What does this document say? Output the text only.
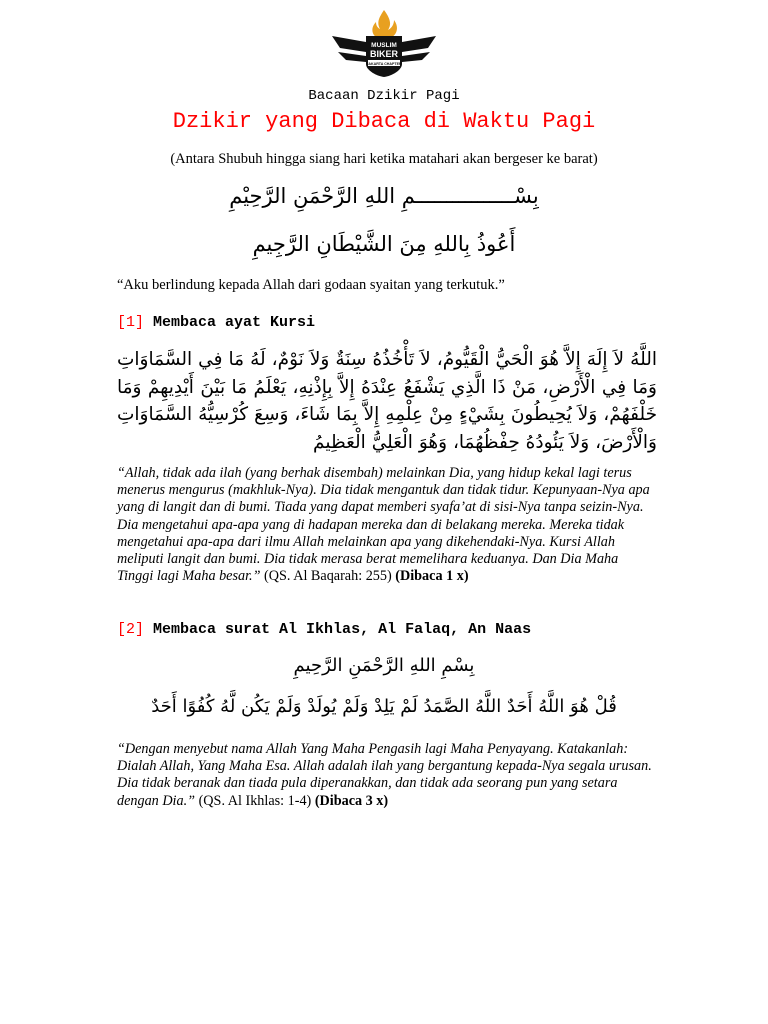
MUSLIM
BIKER
JAKARTA CHAPTER
Bacaan Dzikir Pagi
Dzikir yang Dibaca di Waktu Pagi
(Antara Shubuh hingga siang hari ketika matahari akan bergeser ke barat)
بِسْــــــــــــــــمِ اللهِ الرَّحْمَنِ الرَّحِيْمِ
أَعُوذُ بِاللهِ مِنَ الشَّيْطَانِ الرَّجِيمِ
“Aku berlindung kepada Allah dari godaan syaitan yang terkutuk.”
[1] Membaca ayat Kursi
اللَّهُ لاَ إِلَهَ إِلاَّ هُوَ الْحَيُّ الْقَيُّومُ، لاَ تَأْخُذُهُ سِنَةٌ وَلاَ نَوْمٌ، لَهُ مَا فِي السَّمَاوَاتِ وَمَا فِي الْأَرْضِ، مَنْ ذَا الَّذِي يَشْفَعُ عِنْدَهُ إِلاَّ بِإِذْنِهِ، يَعْلَمُ مَا بَيْنَ أَيْدِيهِمْ وَمَا خَلْفَهُمْ، وَلاَ يُحِيطُونَ بِشَيْءٍ مِنْ عِلْمِهِ إِلاَّ بِمَا شَاءَ، وَسِعَ كُرْسِيُّهُ السَّمَاوَاتِ وَالْأَرْضَ، وَلاَ يَئُودُهُ حِفْظُهُمَا، وَهُوَ الْعَلِيُّ الْعَظِيمُ
“Allah, tidak ada ilah (yang berhak disembah) melainkan Dia, yang hidup kekal lagi terus menerus mengurus (makhluk-Nya). Dia tidak mengantuk dan tidak tidur. Kepunyaan-Nya apa yang di langit dan di bumi. Tiada yang dapat memberi syafa’at di sisi-Nya tanpa seizin-Nya. Dia mengetahui apa-apa yang di hadapan mereka dan di belakang mereka. Mereka tidak mengetahui apa-apa dari ilmu Allah melainkan apa yang dikehendaki-Nya. Kursi Allah meliputi langit dan bumi. Dia tidak merasa berat memelihara keduanya. Dan Dia Maha Tinggi lagi Maha besar.” (QS. Al Baqarah: 255) (Dibaca 1 x)
[2] Membaca surat Al Ikhlas, Al Falaq, An Naas
بِسْمِ اللهِ الرَّحْمَنِ الرَّحِيمِ
قُلْ هُوَ اللَّهُ أَحَدٌ اللَّهُ الصَّمَدُ لَمْ يَلِدْ وَلَمْ يُولَدْ وَلَمْ يَكُن لَّهُ كُفُوًا أَحَدٌ
“Dengan menyebut nama Allah Yang Maha Pengasih lagi Maha Penyayang. Katakanlah: Dialah Allah, Yang Maha Esa. Allah adalah ilah yang bergantung kepada-Nya segala urusan. Dia tidak beranak dan tiada pula diperanakkan, dan tidak ada seorang pun yang setara dengan Dia.” (QS. Al Ikhlas: 1-4) (Dibaca 3 x)
